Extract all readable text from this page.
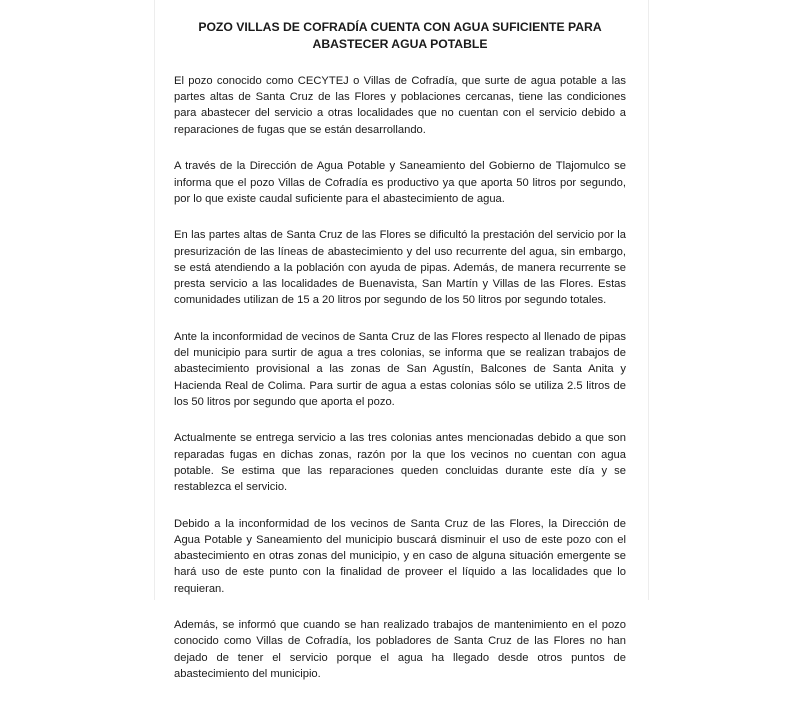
POZO VILLAS DE COFRADÍA CUENTA CON AGUA SUFICIENTE PARA ABASTECER AGUA POTABLE

El pozo conocido como CECYTEJ o Villas de Cofradía, que surte de agua potable a las partes altas de Santa Cruz de las Flores y poblaciones cercanas, tiene las condiciones para abastecer del servicio a otras localidades que no cuentan con el servicio debido a reparaciones de fugas que se están desarrollando.

A través de la Dirección de Agua Potable y Saneamiento del Gobierno de Tlajomulco se informa que el pozo Villas de Cofradía es productivo ya que aporta 50 litros por segundo, por lo que existe caudal suficiente para el abastecimiento de agua.

En las partes altas de Santa Cruz de las Flores se dificultó la prestación del servicio por la presurización de las líneas de abastecimiento y del uso recurrente del agua, sin embargo, se está atendiendo a la población con ayuda de pipas. Además, de manera recurrente se presta servicio a las localidades de Buenavista, San Martín y Villas de las Flores. Estas comunidades utilizan de 15 a 20 litros por segundo de los 50 litros por segundo totales.

Ante la inconformidad de vecinos de Santa Cruz de las Flores respecto al llenado de pipas del municipio para surtir de agua a tres colonias, se informa que se realizan trabajos de abastecimiento provisional a las zonas de San Agustín, Balcones de Santa Anita y Hacienda Real de Colima. Para surtir de agua a estas colonias sólo se utiliza 2.5 litros de los 50 litros por segundo que aporta el pozo.

Actualmente se entrega servicio a las tres colonias antes mencionadas debido a que son reparadas fugas en dichas zonas, razón por la que los vecinos no cuentan con agua potable. Se estima que las reparaciones queden concluidas durante este día y se restablezca el servicio.

Debido a la inconformidad de los vecinos de Santa Cruz de las Flores, la Dirección de Agua Potable y Saneamiento del municipio buscará disminuir el uso de este pozo con el abastecimiento en otras zonas del municipio, y en caso de alguna situación emergente se hará uso de este punto con la finalidad de proveer el líquido a las localidades que lo requieran.

Además, se informó que cuando se han realizado trabajos de mantenimiento en el pozo conocido como Villas de Cofradía, los pobladores de Santa Cruz de las Flores no han dejado de tener el servicio porque el agua ha llegado desde otros puntos de abastecimiento del municipio.
